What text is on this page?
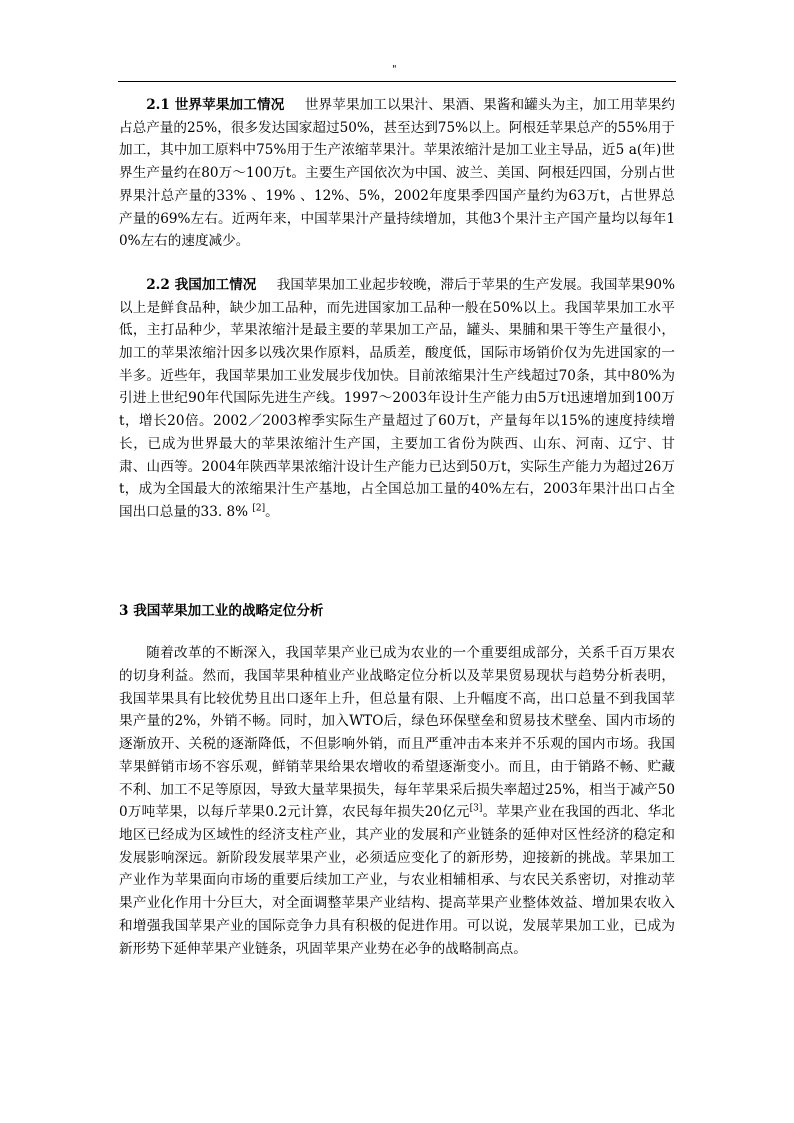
"

2.1 世界苹果加工情况 世界苹果加工以果汁、果酒、果酱和罐头为主，加工用苹果约占总产量的25%，很多发达国家超过50%，甚至达到75%以上。阿根廷苹果总产的55%用于加工，其中加工原料中75%用于生产浓缩苹果汁。苹果浓缩汁是加工业主导品，近5 a(年)世界生产量约在80万～100万t。主要生产国依次为中国、波兰、美国、阿根廷四国，分别占世界果汁总产量的33% 、19% 、12%、5%，2002年度果季四国产量约为63万t，占世界总产量的69%左右。近两年来，中国苹果汁产量持续增加，其他3个果汁主产国产量均以每年10%左右的速度减少。

2.2 我国加工情况 我国苹果加工业起步较晚，滞后于苹果的生产发展。我国苹果90%以上是鲜食品种，缺少加工品种，而先进国家加工品种一般在50%以上。我国苹果加工水平低，主打品种少，苹果浓缩汁是最主要的苹果加工产品，罐头、果脯和果干等生产量很小，加工的苹果浓缩汁因多以残次果作原料，品质差，酸度低，国际市场销价仅为先进国家的一半多。近些年，我国苹果加工业发展步伐加快。目前浓缩果汁生产线超过70条，其中80%为引进上世纪90年代国际先进生产线。1997～2003年设计生产能力由5万t迅速增加到100万t，增长20倍。2002／2003榨季实际生产量超过了60万t，产量每年以15%的速度持续增长，已成为世界最大的苹果浓缩汁生产国，主要加工省份为陕西、山东、河南、辽宁、甘肃、山西等。2004年陕西苹果浓缩汁设计生产能力已达到50万t，实际生产能力为超过26万t，成为全国最大的浓缩果汁生产基地，占全国总加工量的40%左右，2003年果汁出口占全国出口总量的33. 8% [2]。

3 我国苹果加工业的战略定位分析

随着改革的不断深入，我国苹果产业已成为农业的一个重要组成部分，关系千百万果农的切身利益。然而，我国苹果种植业产业战略定位分析以及苹果贸易现状与趋势分析表明，我国苹果具有比较优势且出口逐年上升，但总量有限、上升幅度不高，出口总量不到我国苹果产量的2%，外销不畅。同时，加入WTO后，绿色环保壁垒和贸易技术壁垒、国内市场的逐渐放开、关税的逐渐降低，不但影响外销，而且严重冲击本来并不乐观的国内市场。我国苹果鲜销市场不容乐观，鲜销苹果给果农增收的希望逐渐变小。而且，由于销路不畅、贮藏不利、加工不足等原因，导致大量苹果损失，每年苹果采后损失率超过25%，相当于减产500万吨苹果，以每斤苹果0.2元计算，农民每年损失20亿元[3]。苹果产业在我国的西北、华北地区已经成为区域性的经济支柱产业，其产业的发展和产业链条的延伸对区性经济的稳定和发展影响深远。新阶段发展苹果产业，必须适应变化了的新形势，迎接新的挑战。苹果加工产业作为苹果面向市场的重要后续加工产业，与农业相辅相承、与农民关系密切，对推动苹果产业化作用十分巨大，对全面调整苹果产业结构、提高苹果产业整体效益、增加果农收入和增强我国苹果产业的国际竞争力具有积极的促进作用。可以说，发展苹果加工业，已成为新形势下延伸苹果产业链条，巩固苹果产业势在必争的战略制高点。
